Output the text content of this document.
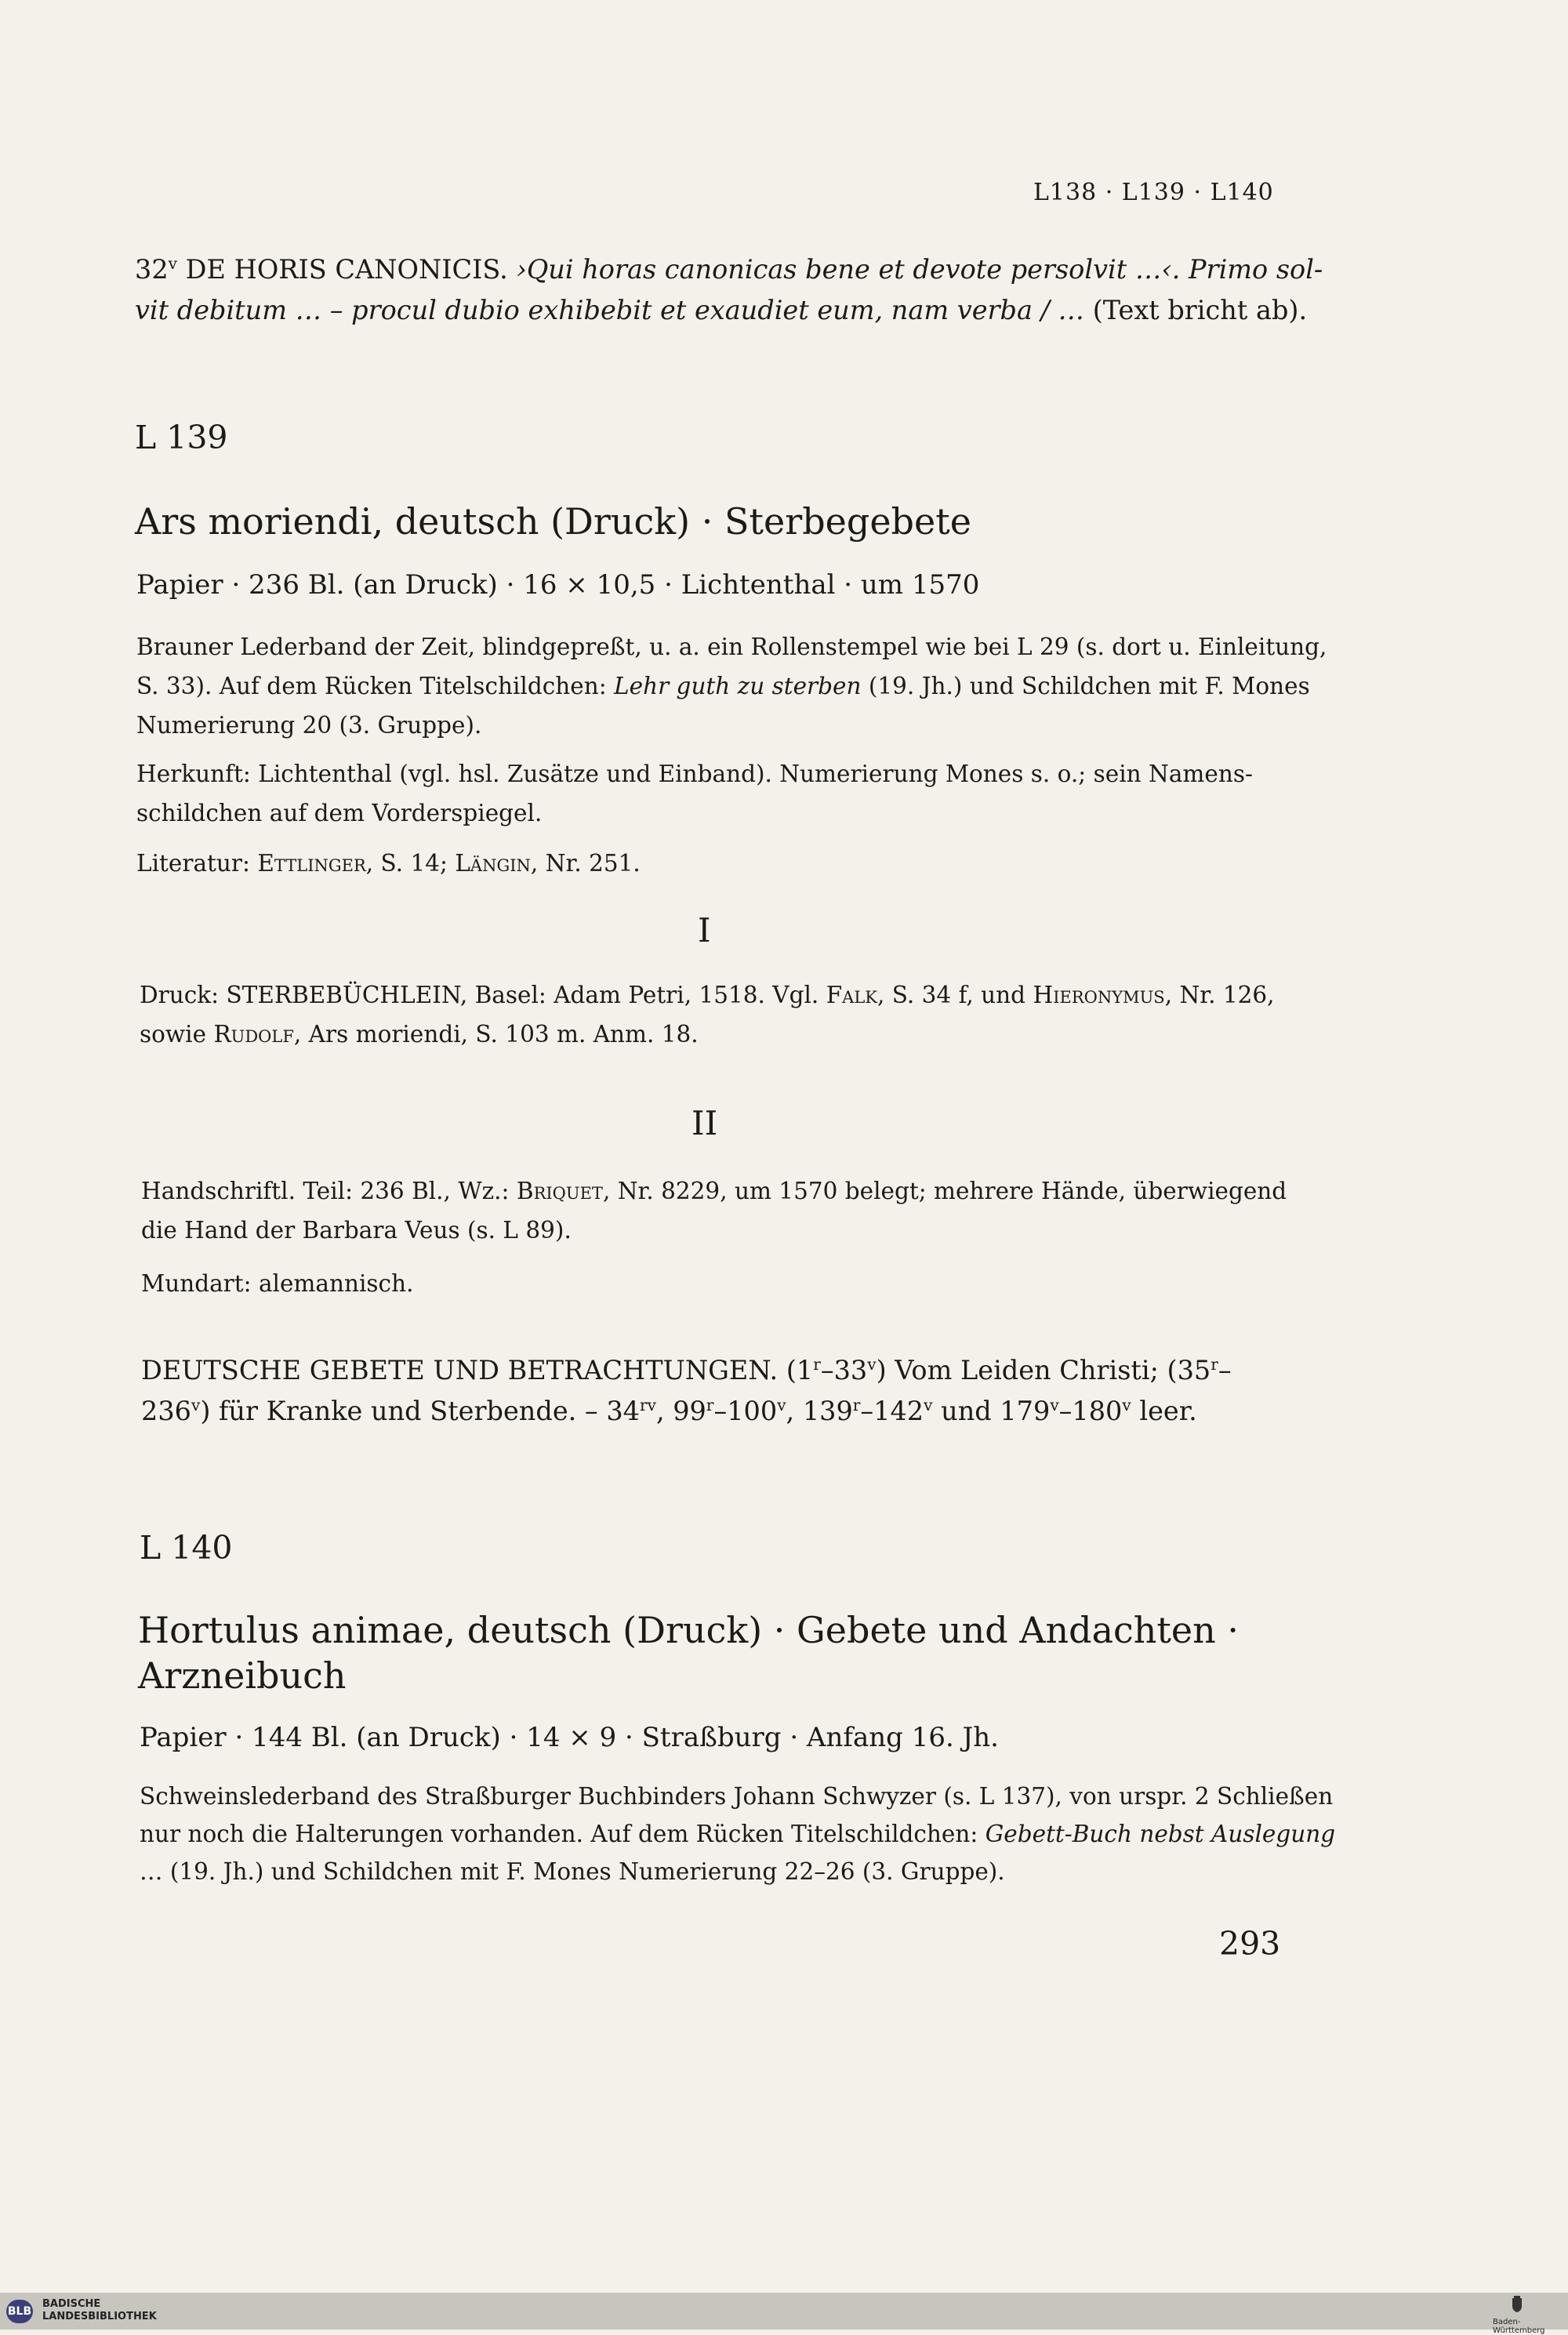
L138 · L139 · L140
32$^v$ DE HORIS CANONICIS. ›Qui horas canonicas bene et devote persolvit …‹. Primo sol-
vit debitum … – procul dubio exhibebit et exaudiet eum, nam verba / … (Text bricht ab).
L 139
Ars moriendi, deutsch (Druck) · Sterbegebete
Papier · 236 Bl. (an Druck) · 16 × 10,5 · Lichtenthal · um 1570
Brauner Lederband der Zeit, blindgepreßt, u. a. ein Rollenstempel wie bei L 29 (s. dort u. Einleitung,
S. 33). Auf dem Rücken Titelschildchen: Lehr guth zu sterben (19. Jh.) und Schildchen mit F. Mones
Numerierung 20 (3. Gruppe).
Herkunft: Lichtenthal (vgl. hsl. Zusätze und Einband). Numerierung Mones s. o.; sein Namens-
schildchen auf dem Vorderspiegel.
Literatur: Ettlinger, S. 14; Längin, Nr. 251.
I
Druck: STERBEBÜCHLEIN, Basel: Adam Petri, 1518. Vgl. Falk, S. 34 f, und Hieronymus, Nr. 126,
sowie Rudolf, Ars moriendi, S. 103 m. Anm. 18.
II
Handschriftl. Teil: 236 Bl., Wz.: Briquet, Nr. 8229, um 1570 belegt; mehrere Hände, überwiegend
die Hand der Barbara Veus (s. L 89).
Mundart: alemannisch.
DEUTSCHE GEBETE UND BETRACHTUNGEN. (1$^r$–33$^v$) Vom Leiden Christi; (35$^r$–
236$^v$) für Kranke und Sterbende. – $34^{rv}$, 99$^r$–100$^v$, 139$^r$–142$^v$ und 179$^v$–180$^v$ leer.
L 140
Hortulus animae, deutsch (Druck) · Gebete und Andachten ·
Arzneibuch
Papier · 144 Bl. (an Druck) · 14 × 9 · Straßburg · Anfang 16. Jh.
Schweinslederband des Straßburger Buchbinders Johann Schwyzer (s. L 137), von urspr. 2 Schließen
nur noch die Halterungen vorhanden. Auf dem Rücken Titelschildchen: Gebett-Buch nebst Auslegung
… (19. Jh.) und Schildchen mit F. Mones Numerierung 22–26 (3. Gruppe).
293
BLB
BADISCHE
LANDESBIBLIOTHEK	Baden-Württemberg
